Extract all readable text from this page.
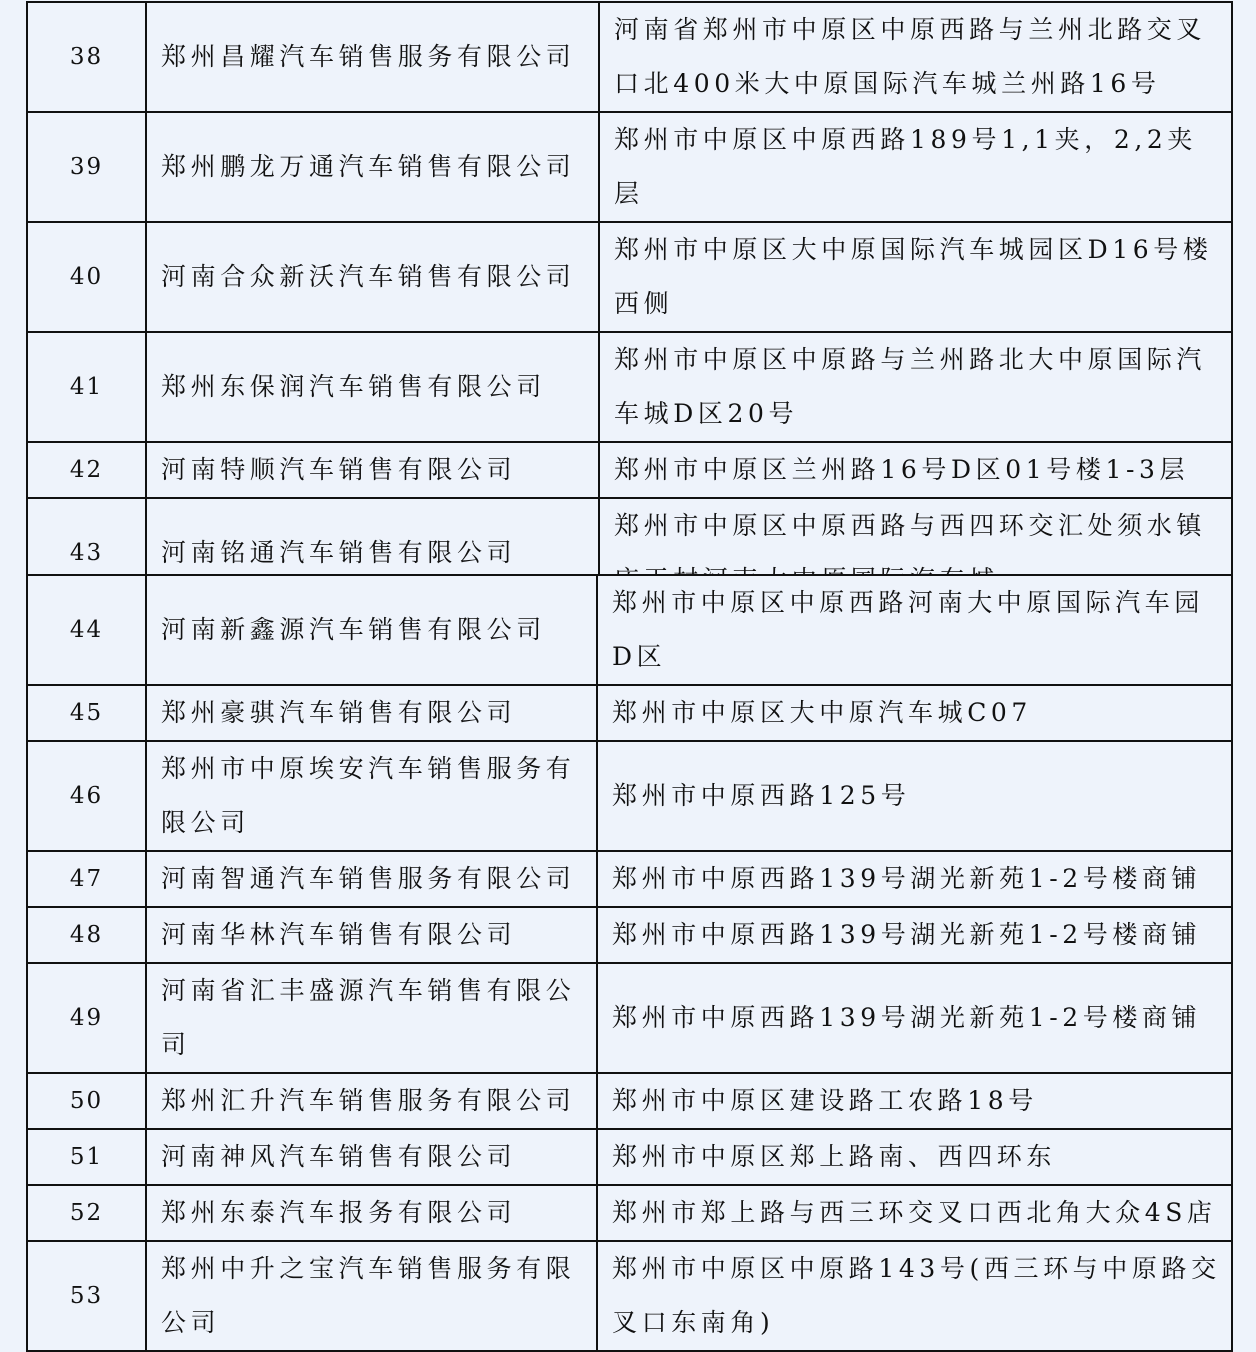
38	郑州昌耀汽车销售服务有限公司	河南省郑州市中原区中原西路与兰州北路交叉口北400米大中原国际汽车城兰州路16号
39	郑州鹏龙万通汽车销售有限公司	郑州市中原区中原西路189号1,1夹，2,2夹层
40	河南合众新沃汽车销售有限公司	郑州市中原区大中原国际汽车城园区D16号楼西侧
41	郑州东保润汽车销售有限公司	郑州市中原区中原路与兰州路北大中原国际汽车城D区20号
42	河南特顺汽车销售有限公司	郑州市中原区兰州路16号D区01号楼1-3层
43	河南铭通汽车销售有限公司	郑州市中原区中原西路与西四环交汇处须水镇
44	河南新鑫源汽车销售有限公司	郑州市中原区中原西路河南大中原国际汽车园D区
45	郑州豪骐汽车销售有限公司	郑州市中原区大中原汽车城C07
46	郑州市中原埃安汽车销售服务有限公司	郑州市中原西路125号
47	河南智通汽车销售服务有限公司	郑州市中原西路139号湖光新苑1-2号楼商铺
48	河南华林汽车销售有限公司	郑州市中原西路139号湖光新苑1-2号楼商铺
49	河南省汇丰盛源汽车销售有限公司	郑州市中原西路139号湖光新苑1-2号楼商铺
50	郑州汇升汽车销售服务有限公司	郑州市中原区建设路工农路18号
51	河南神风汽车销售有限公司	郑州市中原区郑上路南、西四环东
52	郑州东泰汽车报务有限公司	郑州市郑上路与西三环交叉口西北角大众4S店
53	郑州中升之宝汽车销售服务有限公司	郑州市中原区中原路143号(西三环与中原路交叉口东南角)
